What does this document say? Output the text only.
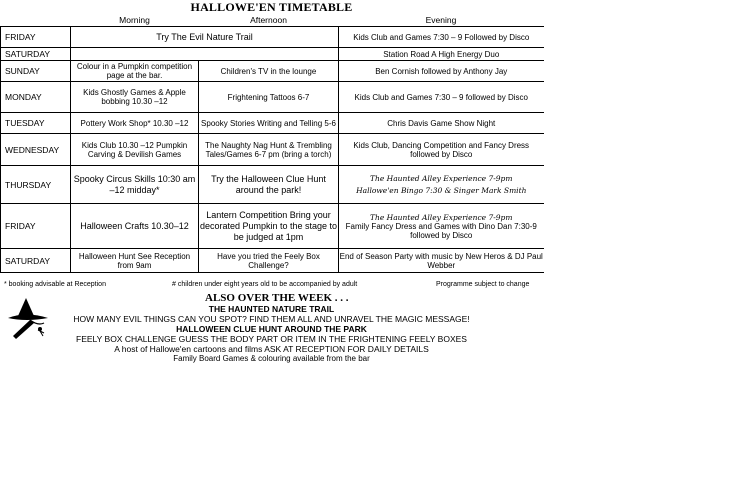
HALLOWE'EN TIMETABLE
	Morning	Afternoon	Evening
FRIDAY	Try The Evil Nature Trail		Kids Club and Games 7:30 – 9 Followed by Disco
SATURDAY			Station Road A High Energy Duo
SUNDAY	Colour in a Pumpkin competition page at the bar.	Children's TV in the lounge	Ben Cornish followed by Anthony Jay
MONDAY	Kids Ghostly Games & Apple bobbing 10.30 –12	Frightening Tattoos 6-7	Kids Club and Games 7:30 – 9 followed by Disco
TUESDAY	Pottery Work Shop* 10.30 –12	Spooky Stories Writing and Telling 5-6	Chris Davis Game Show Night
WEDNESDAY	Kids Club 10.30 –12 Pumpkin Carving & Devilish Games	The Naughty Nag Hunt & Trembling Tales/Games 6-7 pm (bring a torch)	Kids Club, Dancing Competition and Fancy Dress followed by Disco
THURSDAY	Spooky Circus Skills 10:30 am –12 midday*	Try the Halloween Clue Hunt around the park!	The Haunted Alley Experience 7-9pm
Hallowe'en Bingo 7:30 & Singer Mark Smith

FRIDAY	Halloween Crafts 10.30–12	Lantern Competition Bring your decorated Pumpkin to the stage to be judged at 1pm	The Haunted Alley Experience 7-9pm
Family Fancy Dress and Games with Dino Dan 7:30-9 followed by Disco

SATURDAY	Halloween Hunt See Reception from 9am	Have you tried the Feely Box Challenge?	End of Season Party with music by New Heros & DJ Paul Webber
* booking advisable at Reception	# children under eight years old to be accompanied by adult	Programme subject to change
ALSO OVER THE WEEK . . .
THE HAUNTED NATURE TRAIL
HOW MANY EVIL THINGS CAN YOU SPOT? FIND THEM ALL AND UNRAVEL THE MAGIC MESSAGE!
HALLOWEEN CLUE HUNT AROUND THE PARK
FEELY BOX CHALLENGE GUESS THE BODY PART OR ITEM IN THE FRIGHTENING FEELY BOXES
A host of Hallowe'en cartoons and films ASK AT RECEPTION FOR DAILY DETAILS
Family Board Games & colouring available from the bar
